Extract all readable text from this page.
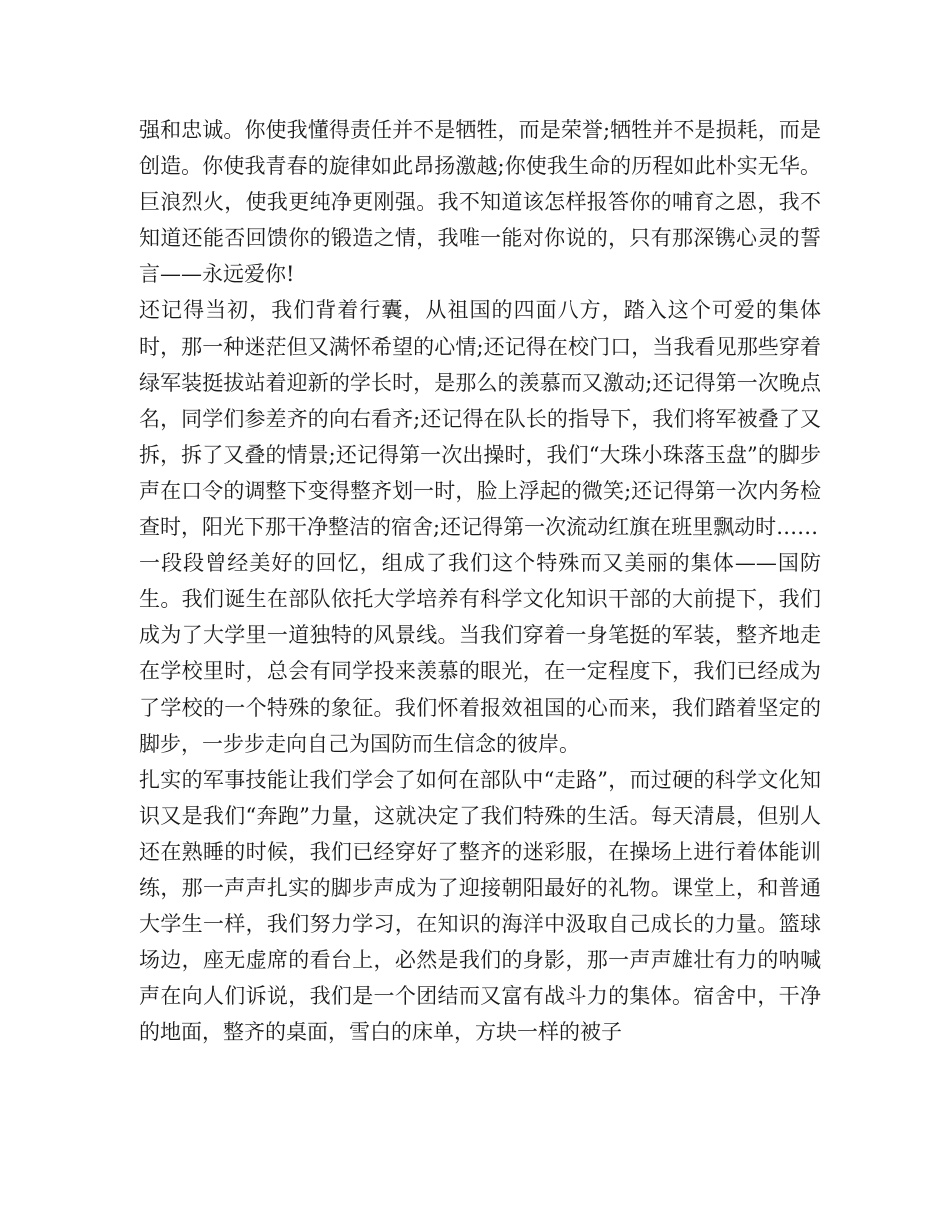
强和忠诚。你使我懂得责任并不是牺牲，而是荣誉;牺牲并不是损耗，而是创造。你使我青春的旋律如此昂扬激越;你使我生命的历程如此朴实无华。巨浪烈火，使我更纯净更刚强。我不知道该怎样报答你的哺育之恩，我不知道还能否回馈你的锻造之情，我唯一能对你说的，只有那深镌心灵的誓言——永远爱你!

还记得当初，我们背着行囊，从祖国的四面八方，踏入这个可爱的集体时，那一种迷茫但又满怀希望的心情;还记得在校门口，当我看见那些穿着绿军装挺拔站着迎新的学长时，是那么的羡慕而又激动;还记得第一次晚点名，同学们参差齐的向右看齐;还记得在队长的指导下，我们将军被叠了又拆，拆了又叠的情景;还记得第一次出操时，我们“大珠小珠落玉盘”的脚步声在口令的调整下变得整齐划一时，脸上浮起的微笑;还记得第一次内务检查时，阳光下那干净整洁的宿舍;还记得第一次流动红旗在班里飘动时……

一段段曾经美好的回忆，组成了我们这个特殊而又美丽的集体——国防生。我们诞生在部队依托大学培养有科学文化知识干部的大前提下，我们成为了大学里一道独特的风景线。当我们穿着一身笔挺的军装，整齐地走在学校里时，总会有同学投来羡慕的眼光，在一定程度下，我们已经成为了学校的一个特殊的象征。我们怀着报效祖国的心而来，我们踏着坚定的脚步，一步步走向自己为国防而生信念的彼岸。

扎实的军事技能让我们学会了如何在部队中“走路”，而过硬的科学文化知识又是我们“奔跑”力量，这就决定了我们特殊的生活。每天清晨，但别人还在熟睡的时候，我们已经穿好了整齐的迷彩服，在操场上进行着体能训练，那一声声扎实的脚步声成为了迎接朝阳最好的礼物。课堂上，和普通大学生一样，我们努力学习，在知识的海洋中汲取自己成长的力量。篮球场边，座无虚席的看台上，必然是我们的身影，那一声声雄壮有力的呐喊声在向人们诉说，我们是一个团结而又富有战斗力的集体。宿舍中，干净的地面，整齐的桌面，雪白的床单，方块一样的被子
